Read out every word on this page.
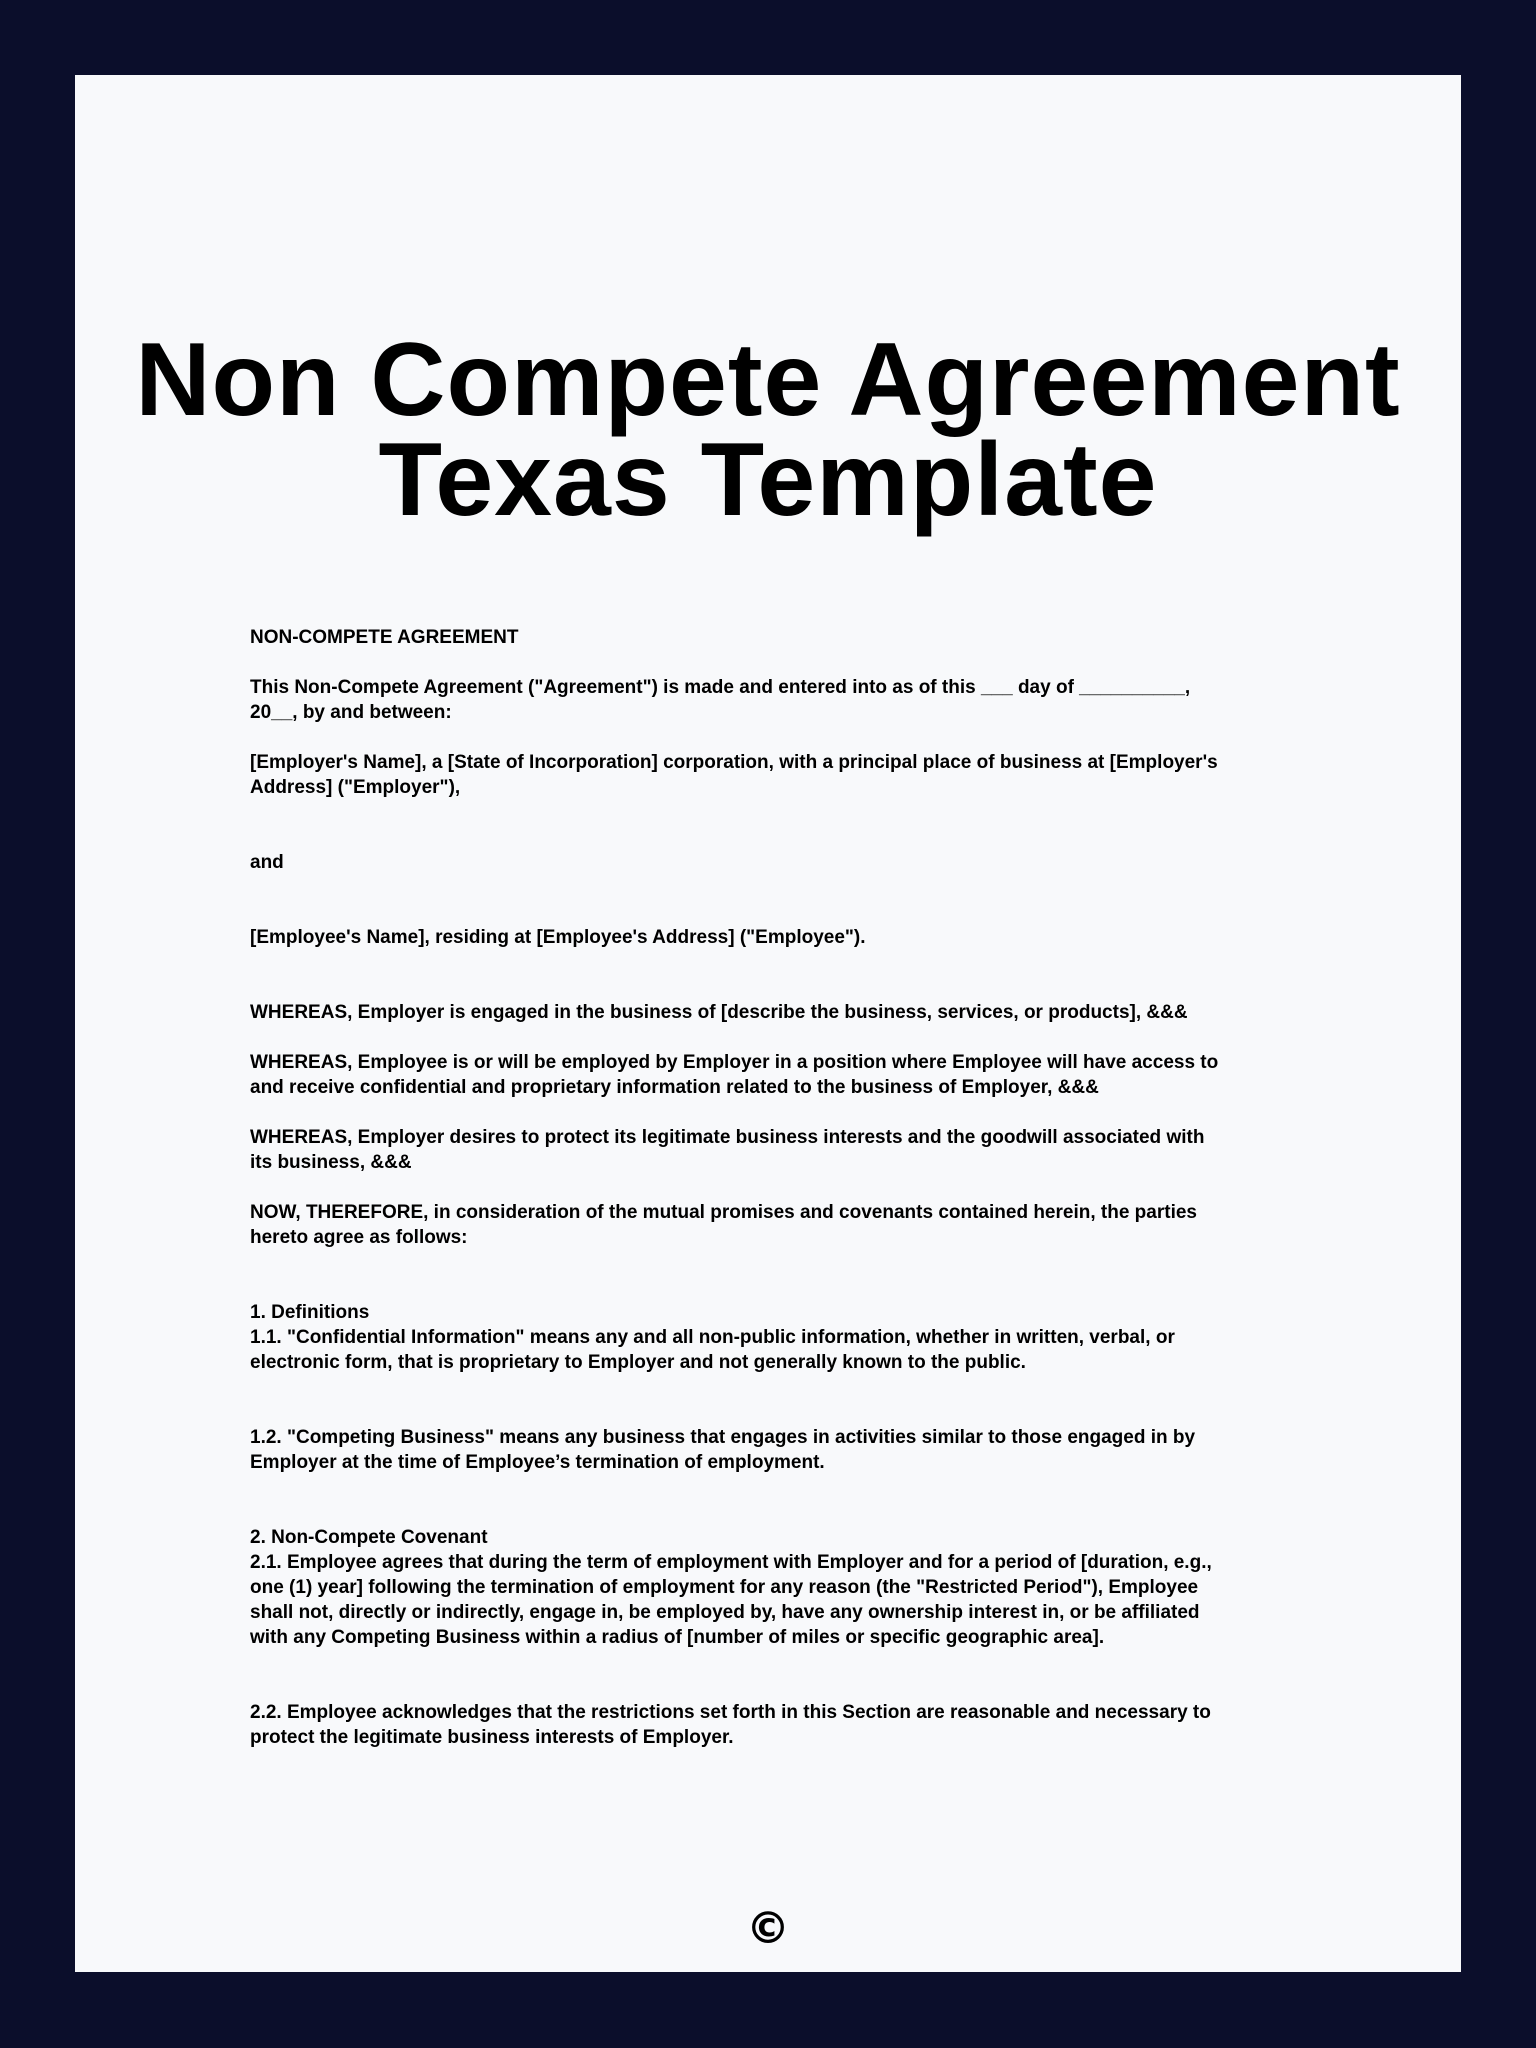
Non Compete Agreement
Texas Template

NON-COMPETE AGREEMENT

This Non-Compete Agreement ("Agreement") is made and entered into as of this ___ day of __________,
20__, by and between:

[Employer's Name], a [State of Incorporation] corporation, with a principal place of business at [Employer's
Address] ("Employer"),

and

[Employee's Name], residing at [Employee's Address] ("Employee").

WHEREAS, Employer is engaged in the business of [describe the business, services, or products], &&&

WHEREAS, Employee is or will be employed by Employer in a position where Employee will have access to
and receive confidential and proprietary information related to the business of Employer, &&&

WHEREAS, Employer desires to protect its legitimate business interests and the goodwill associated with
its business, &&&

NOW, THEREFORE, in consideration of the mutual promises and covenants contained herein, the parties
hereto agree as follows:

1. Definitions

1.1. "Confidential Information" means any and all non-public information, whether in written, verbal, or
electronic form, that is proprietary to Employer and not generally known to the public.

1.2. "Competing Business" means any business that engages in activities similar to those engaged in by
Employer at the time of Employee’s termination of employment.

2. Non-Compete Covenant

2.1. Employee agrees that during the term of employment with Employer and for a period of [duration, e.g.,
one (1) year] following the termination of employment for any reason (the "Restricted Period"), Employee
shall not, directly or indirectly, engage in, be employed by, have any ownership interest in, or be affiliated
with any Competing Business within a radius of [number of miles or specific geographic area].

2.2. Employee acknowledges that the restrictions set forth in this Section are reasonable and necessary to
protect the legitimate business interests of Employer.

©
